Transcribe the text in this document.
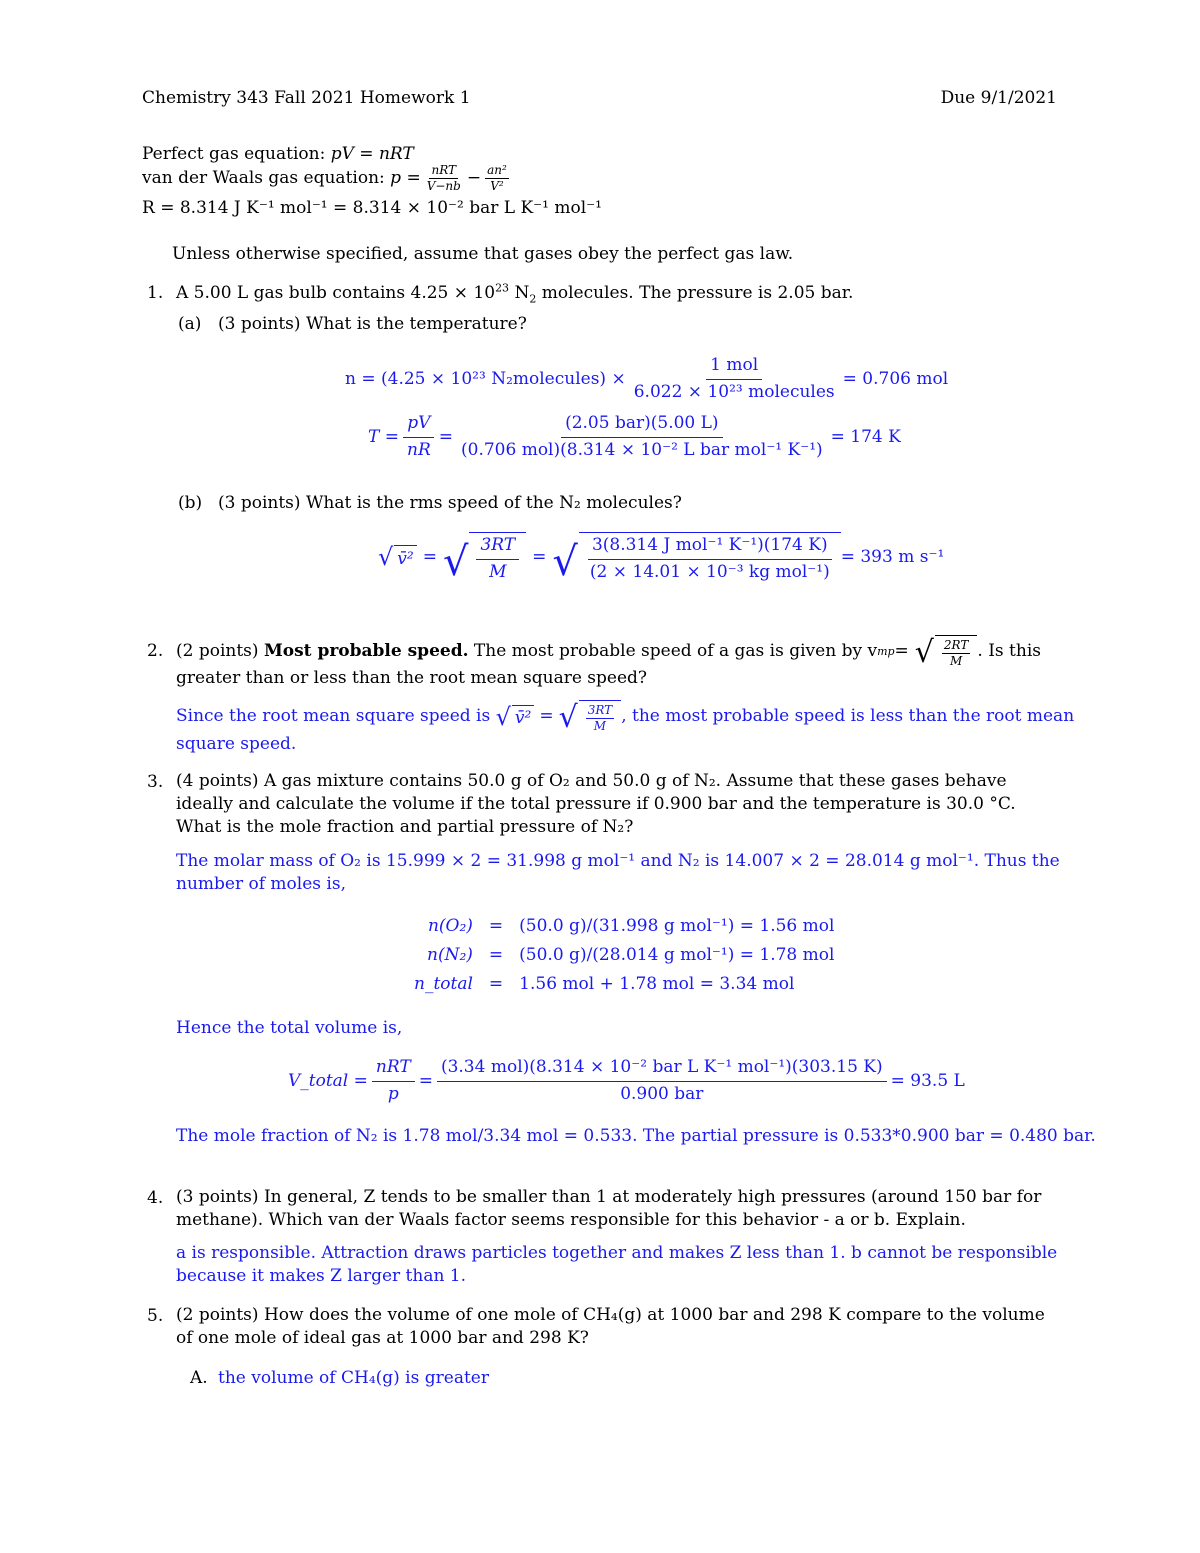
Chemistry 343 Fall 2021 Homework 1	Due 9/1/2021
Perfect gas equation: pV = nRT
van der Waals gas equation:
$p = \frac{\text{nRT}}{V-nb} - \frac{\text{an²}}{\text{V²}}$
R = 8.314 J K⁻¹ mol⁻¹ = 8.314 × 10⁻² bar L K⁻¹ mol⁻¹
Unless otherwise specified, assume that gases obey the perfect gas law.
1. A 5.00 L gas bulb contains $4.25 \times 10^{23}$ $N_2$ molecules. The pressure is 2.05 bar.
(a) (3 points) What is the temperature?
n = (4.25 × 10²³ N₂molecules) × $\frac{\text{1 mol}}{\text{6.022 × 10²³ molecules}} = 0.706$ mol
$T = \frac{pV}{nR} = \frac{\text{(2.05 bar)(5.00 L)}}{\text{(0.706 mol)(8.314 × 10⁻² L bar mol⁻¹ K⁻¹)}} = 174$ K
(b) (3 points) What is the rms speed of the N₂ molecules?
√ v̄² = √ $\frac{3RT}{M}$ = √ $\frac{\text{3(8.314 J mol⁻¹ K⁻¹)(174 K)}}{\text{(2 × 14.01 × 10⁻³ kg mol⁻¹)}} = 393$ m s⁻¹
2. (2 points)
Most probable speed.
The most probable speed of a gas is given by v mp = √ $\frac{2RT}{M}$ . Is this
greater than or less than the root mean square speed?
Since the root mean square speed is
√ v̄² = √ $\frac{3RT}{M}$ , the most probable speed is less than the root mean
square speed.
3. (4 points) A gas mixture contains 50.0 g of O₂ and 50.0 g of N₂. Assume that these gases behave ideally and calculate the volume if the total pressure if 0.900 bar and the temperature is 30.0 °C. What is the mole fraction and partial pressure of N₂?
The molar mass of O₂ is 15.999 × 2 = 31.998 g mol⁻¹ and N₂ is 14.007 × 2 = 28.014 g mol⁻¹. Thus the number of moles is,
n(O₂)	=	(50.0 g)/(31.998 g mol⁻¹) = 1.56 mol
n(N₂)	=	(50.0 g)/(28.014 g mol⁻¹) = 1.78 mol
n_total	=	1.56 mol + 1.78 mol = 3.34 mol
Hence the total volume is,
V_total = $\frac{\text{nRT}}{p} = \frac{\text{(3.34 mol)(8.314 × 10⁻² bar L K⁻¹ mol⁻¹)(303.15 K)}}{\text{0.900 bar}} = 93.5$ L
The mole fraction of N₂ is 1.78 mol/3.34 mol = 0.533. The partial pressure is 0.533*0.900 bar = 0.480 bar.
4. (3 points) In general, Z tends to be smaller than 1 at moderately high pressures (around 150 bar for methane). Which van der Waals factor seems responsible for this behavior - a or b. Explain.
a is responsible. Attraction draws particles together and makes Z less than 1. b cannot be responsible because it makes Z larger than 1.
5. (2 points) How does the volume of one mole of CH₄(g) at 1000 bar and 298 K compare to the volume of one mole of ideal gas at 1000 bar and 298 K?
A. the volume of CH₄(g) is greater
